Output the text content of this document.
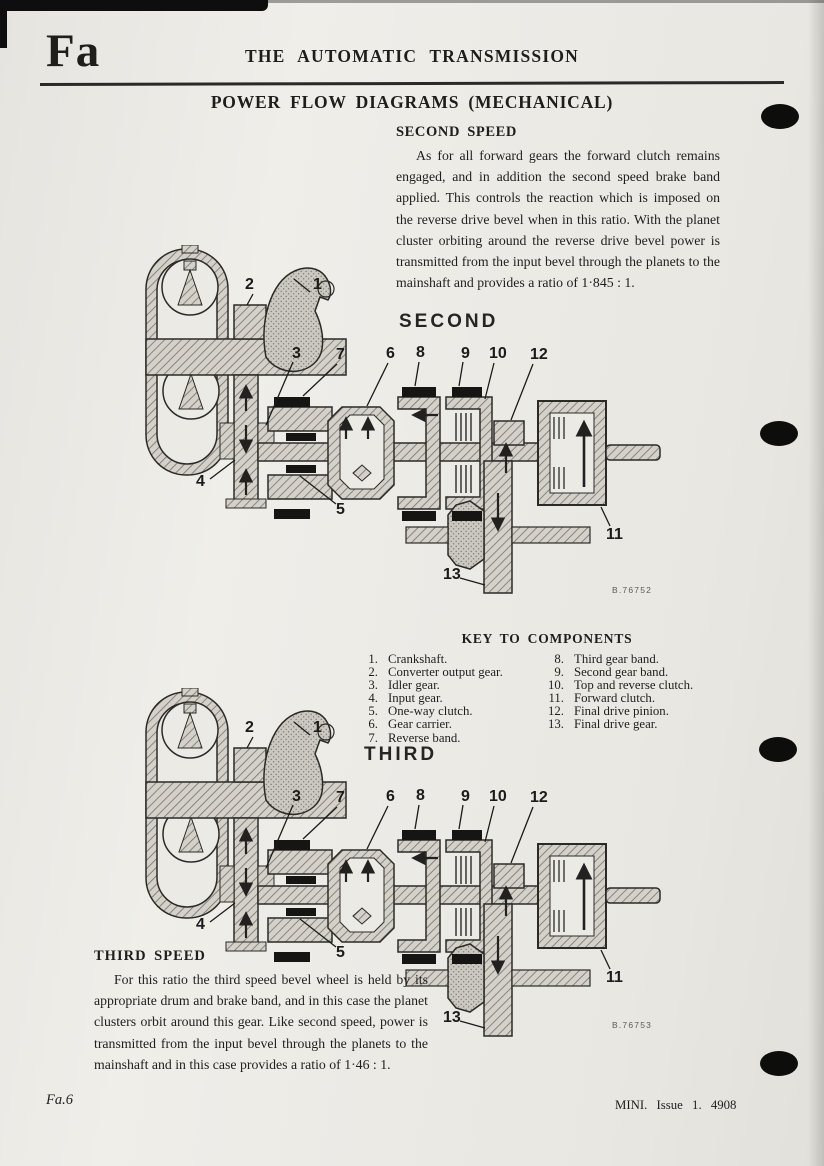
Fa	THE AUTOMATIC TRANSMISSION
POWER FLOW DIAGRAMS (MECHANICAL)
SECOND SPEED

As for all forward gears the forward clutch remains engaged, and in addition the second speed brake band applied. This controls the reaction which is imposed on the reverse drive bevel when in this ratio. With the planet cluster orbiting around the reverse drive bevel power is transmitted from the input bevel through the planets to the mainshaft and provides a ratio of 1·845 : 1.

SECOND
1
2
3
4
5
6
7	8 9 10
11
12
13
B.76752
KEY TO COMPONENTS
1. Crankshaft.
2. Converter output gear.
3. Idler gear.
4. Input gear.
5. One-way clutch.
6. Gear carrier.
7. Reverse band.
8. Third gear band.
9. Second gear band.
10. Top and reverse clutch.
11. Forward clutch.
12. Final drive pinion.
13. Final drive gear.
THIRD
1
2
3
4
5
6
7	8 9 10
11
12
13	B.76753
THIRD SPEED

For this ratio the third speed bevel wheel is held by its appropriate drum and brake band, and in this case the planet clusters orbit around this gear. Like second speed, power is transmitted from the input bevel through the planets to the mainshaft and in this case provides a ratio of 1·46 : 1.

Fa.6	MINI. Issue 1. 4908
